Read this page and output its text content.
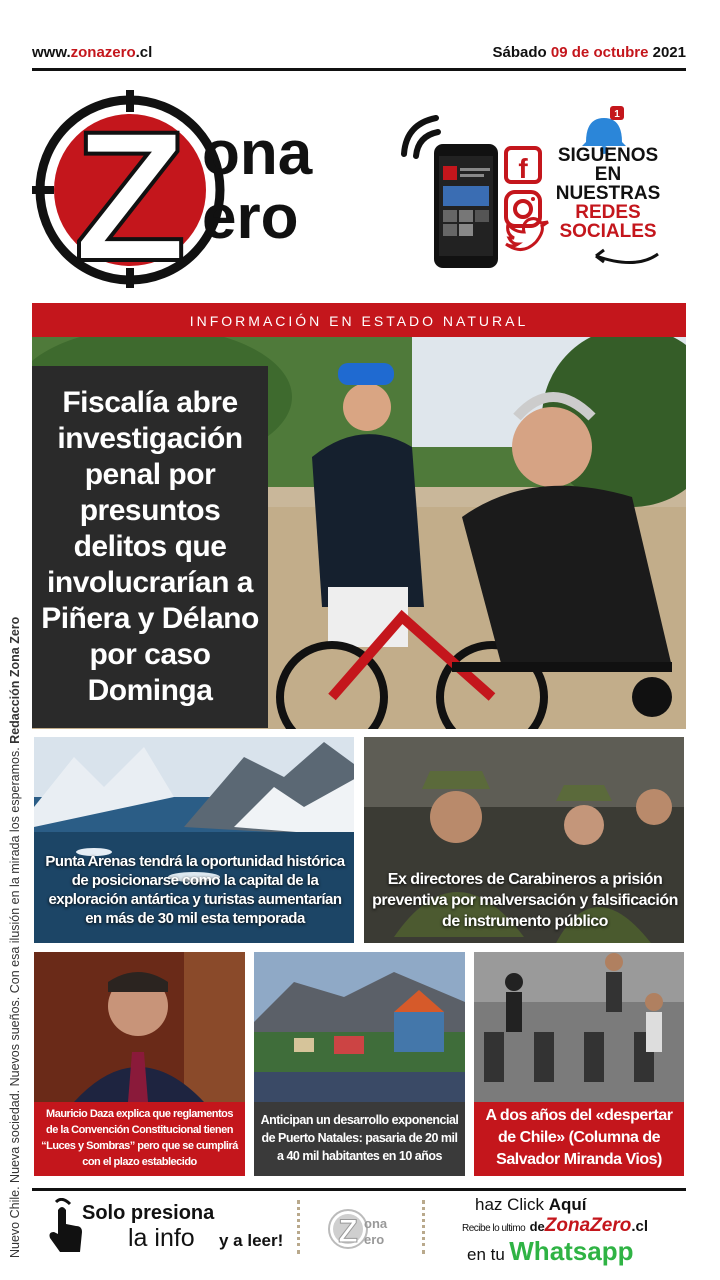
www.zonazero.cl	Sábado 09 de octubre 2021
Z ona
ero
f
1
SIGUENOS
EN
NUESTRAS
REDES
SOCIALES
INFORMACIÓN EN ESTADO NATURAL
Fiscalía abre investigación penal por presuntos delitos que involucrarían a Piñera y Délano por caso Dominga
Punta Arenas tendrá la oportunidad histórica de posicionarse como la capital de la exploración antártica y turistas aumentarían en más de 30 mil esta temporada
Ex directores de Carabineros a prisión preventiva por malversación y falsificación de instrumento público
Mauricio Daza explica que reglamentos de la Convención Constitucional tienen “Luces y Sombras” pero que se cumplirá con el plazo establecido
Anticipan un desarrollo exponencial de Puerto Natales: pasaria de 20 mil a 40 mil habitantes en 10 años
A dos años del «despertar de Chile» (Columna de Salvador Miranda Vios)
Solo presiona
la info y a leer! Z ona
ero
haz Click Aquí
Recibe lo ultimo deZonaZero.cl
en tu Whatsapp
Nuevo Chile. Nueva sociedad. Nuevos sueños. Con esa ilusión en la mirada los esperamos. Redacción Zona Zero
